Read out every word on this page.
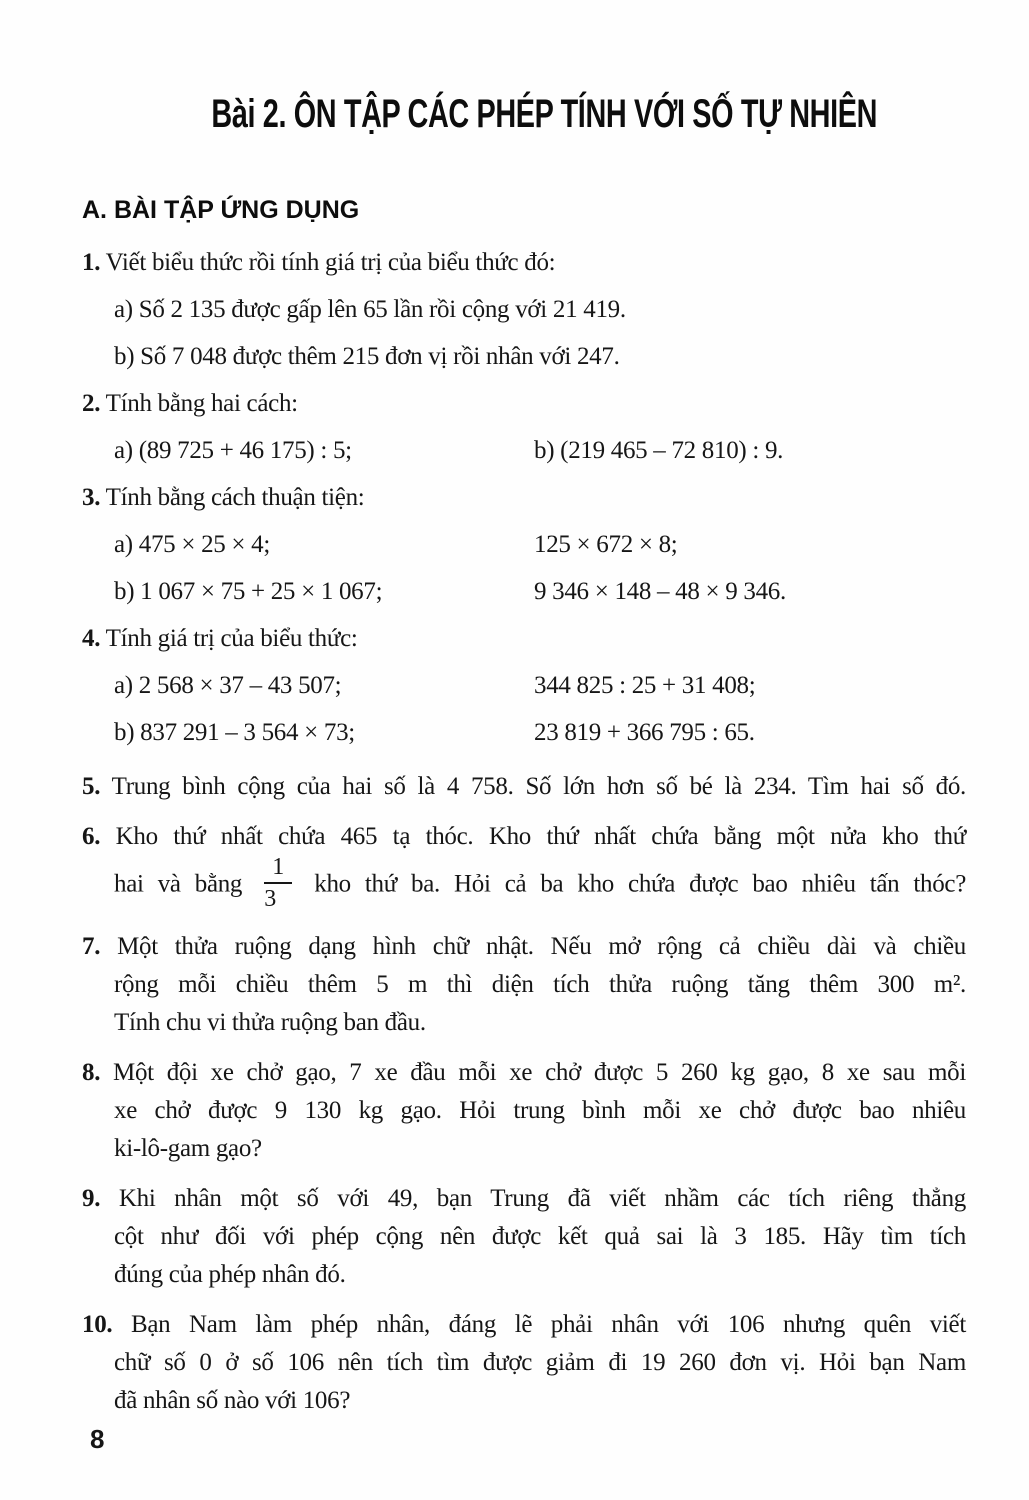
Bài 2. ÔN TẬP CÁC PHÉP TÍNH VỚI SỐ TỰ NHIÊN
A. BÀI TẬP ỨNG DỤNG
1. Viết biểu thức rồi tính giá trị của biểu thức đó:
a) Số 2 135 được gấp lên 65 lần rồi cộng với 21 419.
b) Số 7 048 được thêm 215 đơn vị rồi nhân với 247.
2. Tính bằng hai cách:
a) (89 725 + 46 175) : 5;	b) (219 465 – 72 810) : 9.
3. Tính bằng cách thuận tiện:
a) 475 × 25 × 4;	125 × 672 × 8;
b) 1 067 × 75 + 25 × 1 067;	9 346 × 148 – 48 × 9 346.
4. Tính giá trị của biểu thức:
a) 2 568 × 37 – 43 507;	344 825 : 25 + 31 408;
b) 837 291 – 3 564 × 73;	23 819 + 366 795 : 65.
5. Trung bình cộng của hai số là 4 758. Số lớn hơn số bé là 234. Tìm hai số đó.
6. Kho thứ nhất chứa 465 tạ thóc. Kho thứ nhất chứa bằng một nửa kho thứ
hai và bằng $\frac{1}{3}$ kho thứ ba. Hỏi cả ba kho chứa được bao nhiêu tấn thóc?
7. Một thửa ruộng dạng hình chữ nhật. Nếu mở rộng cả chiều dài và chiều
rộng mỗi chiều thêm 5 m thì diện tích thửa ruộng tăng thêm 300 m².
Tính chu vi thửa ruộng ban đầu.
8. Một đội xe chở gạo, 7 xe đầu mỗi xe chở được 5 260 kg gạo, 8 xe sau mỗi
xe chở được 9 130 kg gạo. Hỏi trung bình mỗi xe chở được bao nhiêu
ki-lô-gam gạo?
9. Khi nhân một số với 49, bạn Trung đã viết nhầm các tích riêng thẳng
cột như đối với phép cộng nên được kết quả sai là 3 185. Hãy tìm tích
đúng của phép nhân đó.
10. Bạn Nam làm phép nhân, đáng lẽ phải nhân với 106 nhưng quên viết
chữ số 0 ở số 106 nên tích tìm được giảm đi 19 260 đơn vị. Hỏi bạn Nam
đã nhân số nào với 106?
8
